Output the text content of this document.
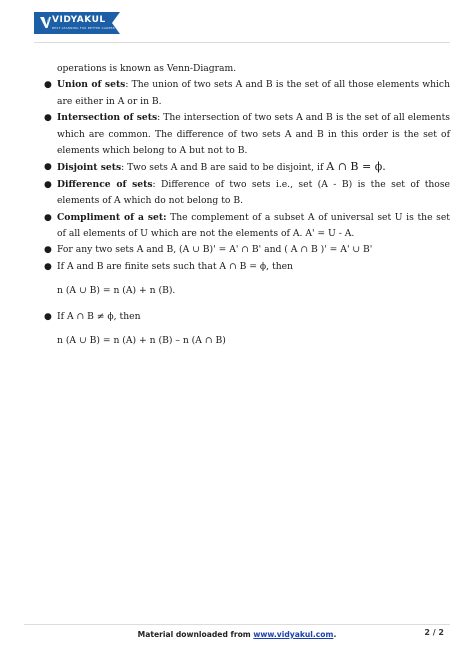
VIDYAKUL
BEST LEARNING FOR BETTER CAREER

operations is known as Venn-Diagram.

● Union of sets: The union of two sets A and B is the set of all those elements which are either in A or in B.
● Intersection of sets: The intersection of two sets A and B is the set of all elements which are common. The difference of two sets A and B in this order is the set of elements which belong to A but not to B.
● Disjoint sets: Two sets A and B are said to be disjoint, if A ∩ B = ϕ.
● Difference of sets: Difference of two sets i.e., set (A - B) is the set of those elements of A which do not belong to B.
● Compliment of a set: The complement of a subset A of universal set U is the set of all elements of U which are not the elements of A. A' = U - A.
● For any two sets A and B, (A ∪ B)' = A' ∩ B' and ( A ∩ B )' = A' ∪ B'
● If A and B are finite sets such that A ∩ B = ϕ, then

n (A ∪ B) = n (A) + n (B).

● If A ∩ B ≠ ϕ, then

n (A ∪ B) = n (A) + n (B) – n (A ∩ B)

Material downloaded from www.vidyakul.com.	2 / 2
